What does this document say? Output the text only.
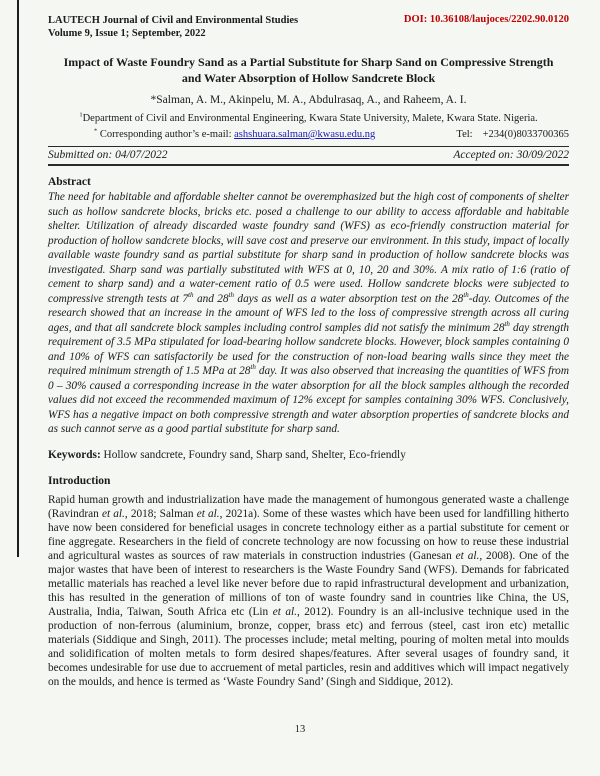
LAUTECH Journal of Civil and Environmental Studies
Volume 9, Issue 1; September, 2022
DOI: 10.36108/laujoces/2202.90.0120
Impact of Waste Foundry Sand as a Partial Substitute for Sharp Sand on Compressive Strength
and Water Absorption of Hollow Sandcrete Block
*Salman, A. M., Akinpelu, M. A., Abdulrasaq, A., and Raheem, A. I.
$^1$Department of Civil and Environmental Engineering, Kwara State University, Malete, Kwara State. Nigeria.
* Corresponding author’s e-mail: ashshuara.salman@kwasu.edu.ng	Tel: +234(0)8033700365
Submitted on: 04/07/2022	Accepted on: 30/09/2022
Abstract
The need for habitable and affordable shelter cannot be overemphasized but the high cost of components of shelter such as hollow sandcrete blocks, bricks etc. posed a challenge to our ability to access affordable and habitable shelter. Utilization of already discarded waste foundry sand (WFS) as eco-friendly construction material for production of hollow sandcrete blocks, will save cost and preserve our environment. In this study, impact of locally available waste foundry sand as partial substitute for sharp sand in production of hollow sandcrete blocks was investigated. Sharp sand was partially substituted with WFS at 0, 10, 20 and 30%. A mix ratio of 1:6 (ratio of cement to sharp sand) and a water-cement ratio of 0.5 were used. Hollow sandcrete blocks were subjected to compressive strength tests at 7th and 28th days as well as a water absorption test on the 28th-day. Outcomes of the research showed that an increase in the amount of WFS led to the loss of compressive strength across all curing ages, and that all sandcrete block samples including control samples did not satisfy the minimum 28th day strength requirement of 3.5 MPa stipulated for load-bearing hollow sandcrete blocks. However, block samples containing 0 and 10% of WFS can satisfactorily be used for the construction of non-load bearing walls since they meet the required minimum strength of 1.5 MPa at 28th day. It was also observed that increasing the quantities of WFS from 0 – 30% caused a corresponding increase in the water absorption for all the block samples although the recorded values did not exceed the recommended maximum of 12% except for samples containing 30% WFS. Conclusively, WFS has a negative impact on both compressive strength and water absorption properties of sandcrete blocks and as such cannot serve as a good partial substitute for sharp sand.
Keywords: Hollow sandcrete, Foundry sand, Sharp sand, Shelter, Eco-friendly
Introduction
Rapid human growth and industrialization have made the management of humongous generated waste a challenge (Ravindran et al., 2018; Salman et al., 2021a). Some of these wastes which have been used for landfilling hitherto have now been considered for beneficial usages in concrete technology either as a partial substitute for cement or fine aggregate. Researchers in the field of concrete technology are now focussing on how to reuse these industrial and agricultural wastes as sources of raw materials in construction industries (Ganesan et al., 2008). One of the major wastes that have been of interest to researchers is the Waste Foundry Sand (WFS). Demands for fabricated metallic materials has reached a level like never before due to rapid infrastructural development and urbanization, this has resulted in the generation of millions of ton of waste foundry sand in countries like China, the US, Australia, India, Taiwan, South Africa etc (Lin et al., 2012). Foundry is an all-inclusive technique used in the production of non-ferrous (aluminium, bronze, copper, brass etc) and ferrous (steel, cast iron etc) metallic materials (Siddique and Singh, 2011). The processes include; metal melting, pouring of molten metal into moulds and solidification of molten metals to form desired shapes/features. After several usages of foundry sand, it becomes undesirable for use due to accruement of metal particles, resin and additives which will impact negatively on the moulds, and hence is termed as ‘Waste Foundry Sand’ (Singh and Siddique, 2012).
13
